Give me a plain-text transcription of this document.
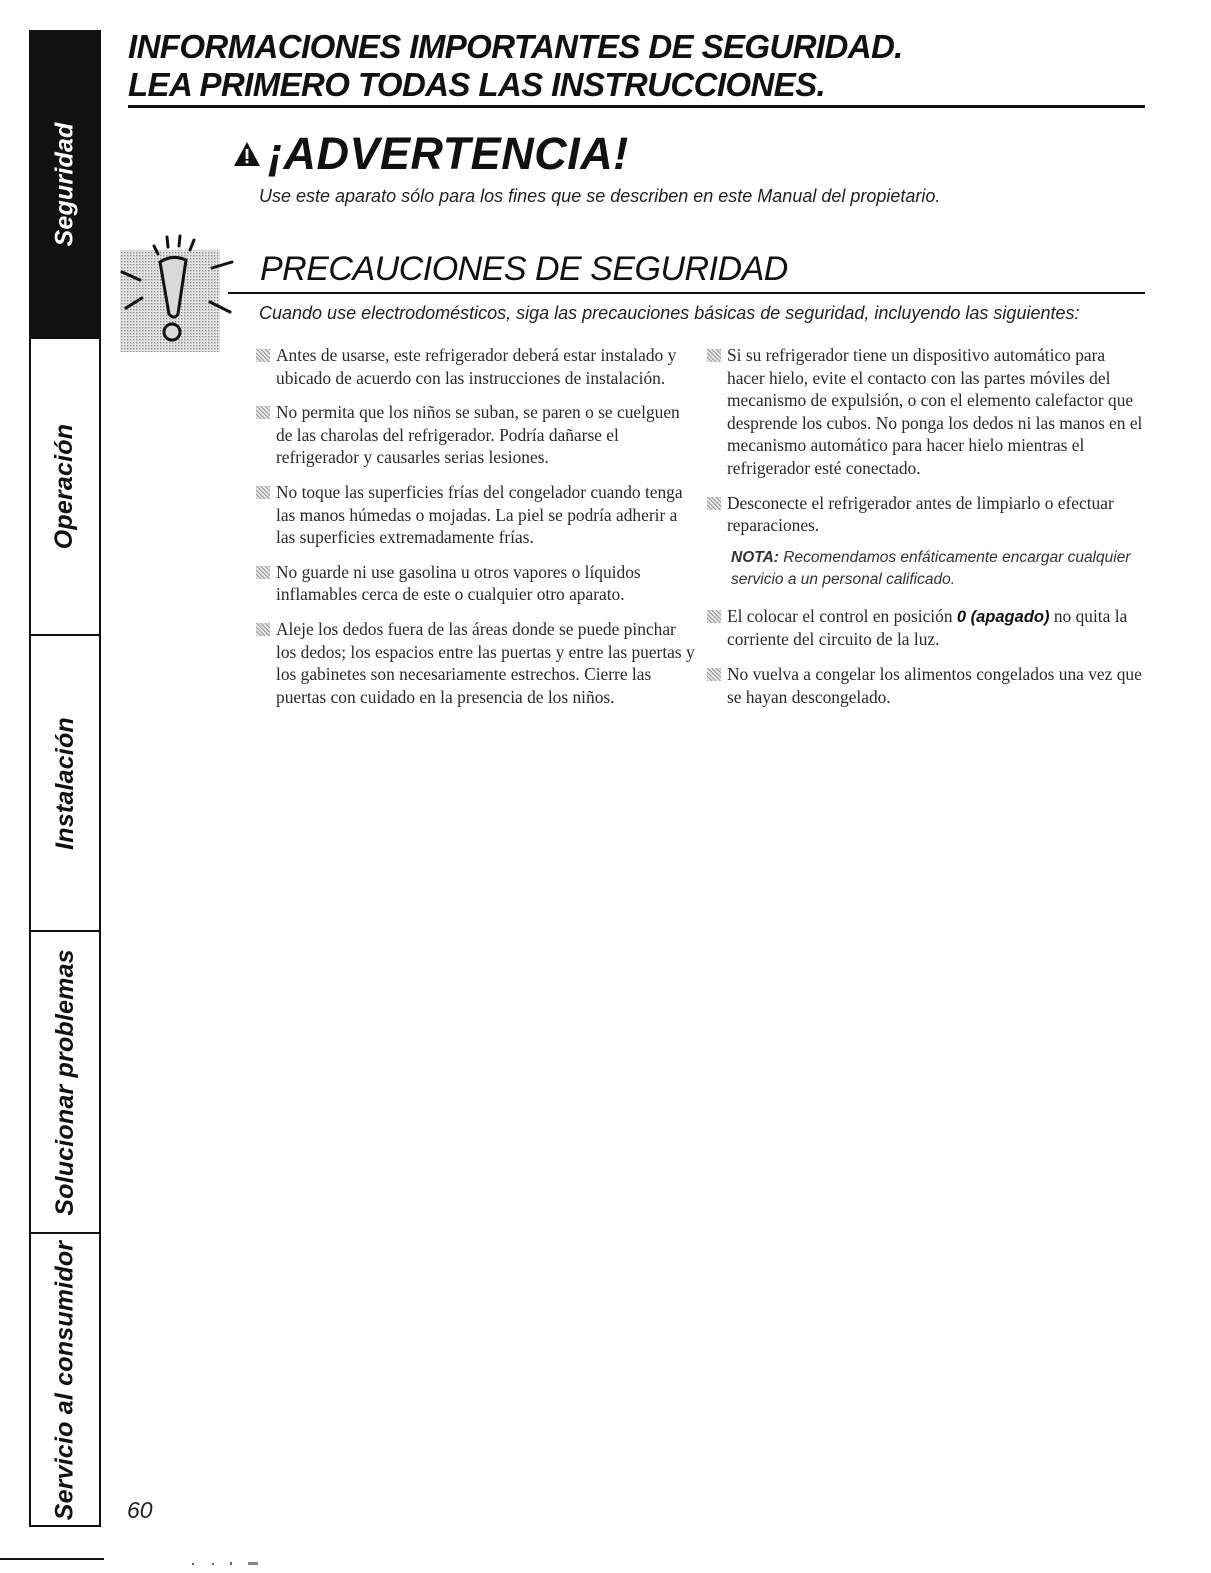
Seguridad
Operación
Instalación
Solucionar problemas
Servicio al consumidor
INFORMACIONES IMPORTANTES DE SEGURIDAD.
LEA PRIMERO TODAS LAS INSTRUCCIONES.
¡ADVERTENCIA!
Use este aparato sólo para los fines que se describen en este Manual del propietario.
PRECAUCIONES DE SEGURIDAD
Cuando use electrodomésticos, siga las precauciones básicas de seguridad, incluyendo las siguientes:
Antes de usarse, este refrigerador deberá estar instalado y ubicado de acuerdo con las instrucciones de instalación.
No permita que los niños se suban, se paren o se cuelguen de las charolas del refrigerador. Podría dañarse el refrigerador y causarles serias lesiones.
No toque las superficies frías del congelador cuando tenga las manos húmedas o mojadas. La piel se podría adherir a las superficies extremadamente frías.
No guarde ni use gasolina u otros vapores o líquidos inflamables cerca de este o cualquier otro aparato.
Aleje los dedos fuera de las áreas donde se puede pinchar los dedos; los espacios entre las puertas y entre las puertas y los gabinetes son necesariamente estrechos. Cierre las puertas con cuidado en la presencia de los niños.
Si su refrigerador tiene un dispositivo automático para hacer hielo, evite el contacto con las partes móviles del mecanismo de expulsión, o con el elemento calefactor que desprende los cubos. No ponga los dedos ni las manos en el mecanismo automático para hacer hielo mientras el refrigerador esté conectado.
Desconecte el refrigerador antes de limpiarlo o efectuar reparaciones.
NOTA: Recomendamos enfáticamente encargar cualquier servicio a un personal calificado.
El colocar el control en posición 0 (apagado) no quita la corriente del circuito de la luz.
No vuelva a congelar los alimentos congelados una vez que se hayan descongelado.
60
